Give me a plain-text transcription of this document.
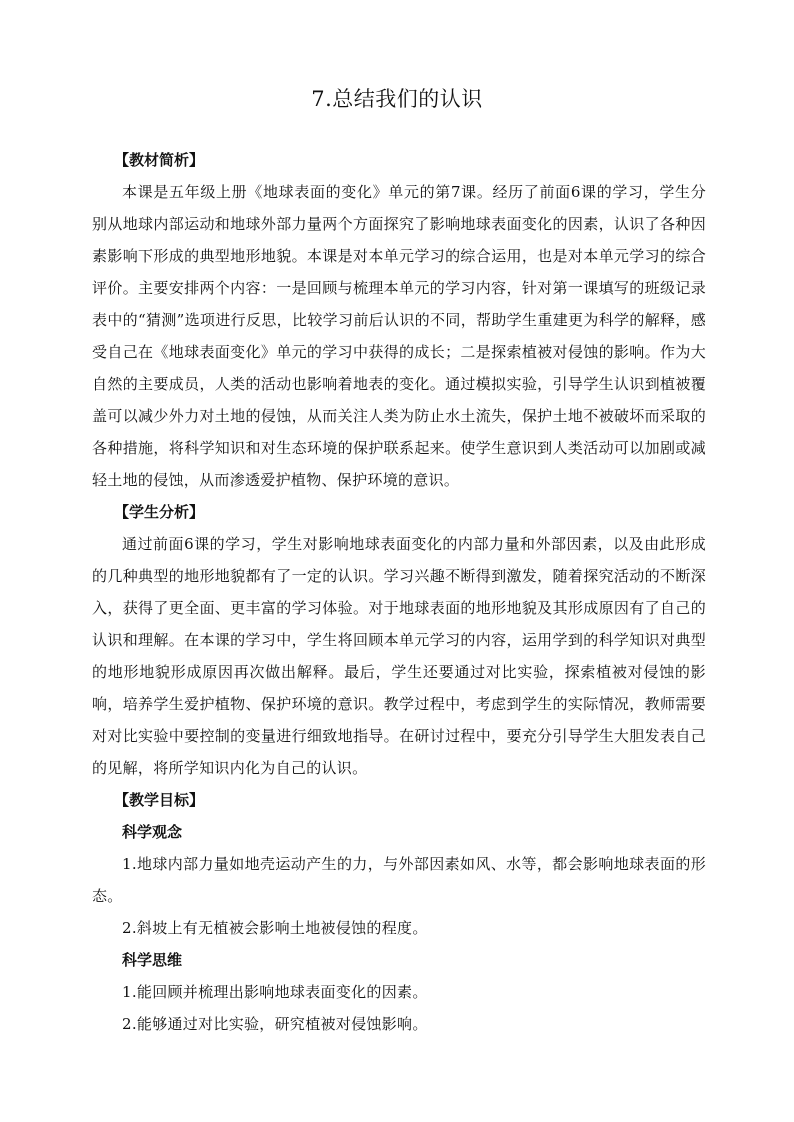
7.总结我们的认识

【教材简析】

本课是五年级上册《地球表面的变化》单元的第7课。经历了前面6课的学习，学生分别从地球内部运动和地球外部力量两个方面探究了影响地球表面变化的因素，认识了各种因素影响下形成的典型地形地貌。本课是对本单元学习的综合运用，也是对本单元学习的综合评价。主要安排两个内容：一是回顾与梳理本单元的学习内容，针对第一课填写的班级记录表中的“猜测”选项进行反思，比较学习前后认识的不同，帮助学生重建更为科学的解释，感受自己在《地球表面变化》单元的学习中获得的成长；二是探索植被对侵蚀的影响。作为大自然的主要成员，人类的活动也影响着地表的变化。通过模拟实验，引导学生认识到植被覆盖可以减少外力对土地的侵蚀，从而关注人类为防止水土流失，保护土地不被破坏而采取的各种措施，将科学知识和对生态环境的保护联系起来。使学生意识到人类活动可以加剧或减轻土地的侵蚀，从而渗透爱护植物、保护环境的意识。

【学生分析】

通过前面6课的学习，学生对影响地球表面变化的内部力量和外部因素，以及由此形成的几种典型的地形地貌都有了一定的认识。学习兴趣不断得到激发，随着探究活动的不断深入，获得了更全面、更丰富的学习体验。对于地球表面的地形地貌及其形成原因有了自己的认识和理解。在本课的学习中，学生将回顾本单元学习的内容，运用学到的科学知识对典型的地形地貌形成原因再次做出解释。最后，学生还要通过对比实验，探索植被对侵蚀的影响，培养学生爱护植物、保护环境的意识。教学过程中，考虑到学生的实际情况，教师需要对对比实验中要控制的变量进行细致地指导。在研讨过程中，要充分引导学生大胆发表自己的见解，将所学知识内化为自己的认识。

【教学目标】

科学观念

1.地球内部力量如地壳运动产生的力，与外部因素如风、水等，都会影响地球表面的形态。

2.斜坡上有无植被会影响土地被侵蚀的程度。

科学思维

1.能回顾并梳理出影响地球表面变化的因素。

2.能够通过对比实验，研究植被对侵蚀影响。
